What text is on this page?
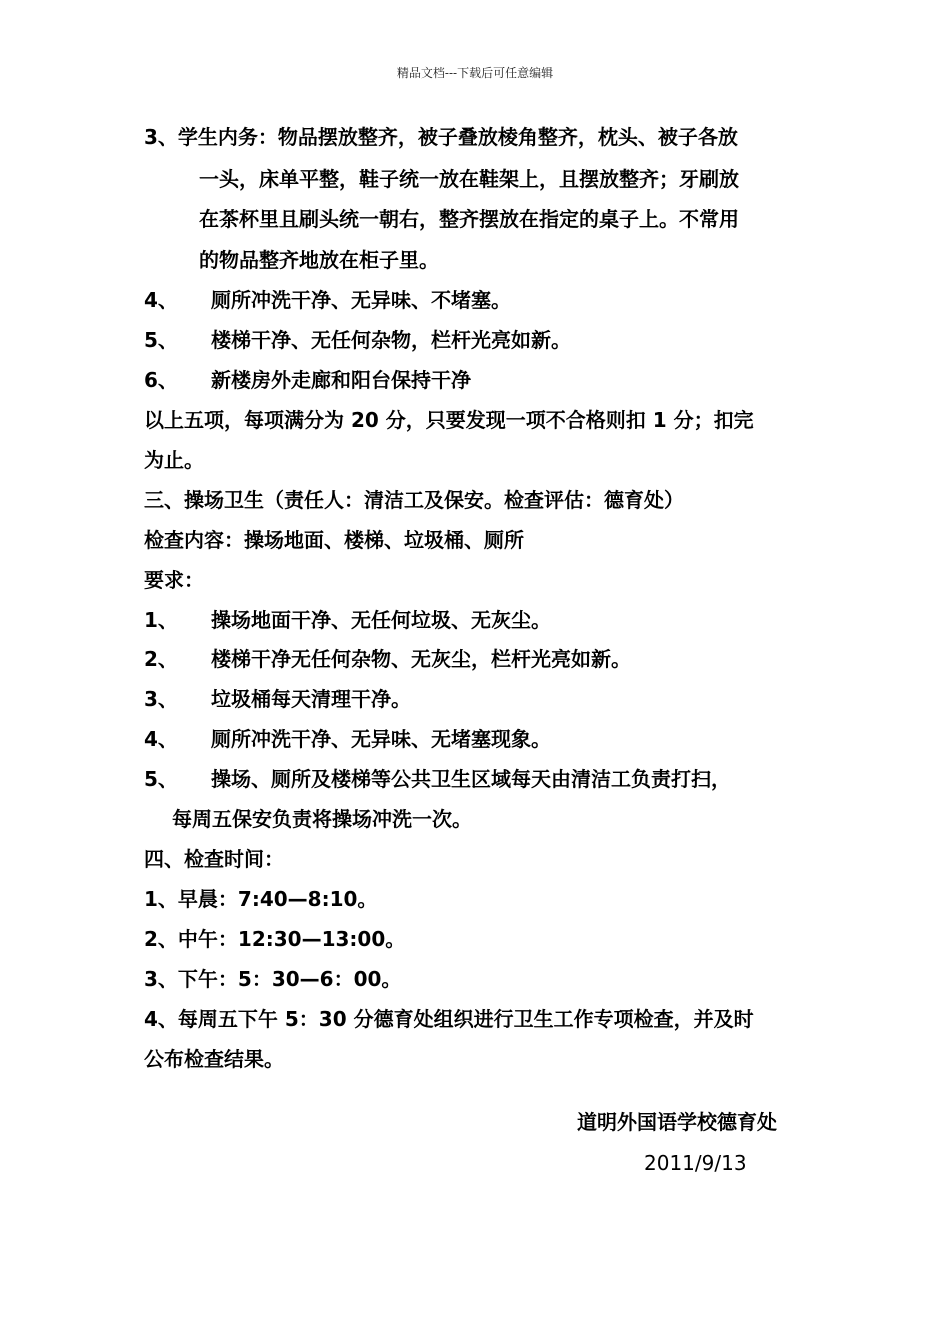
精品文档---下载后可任意编辑
3、学生内务：物品摆放整齐，被子叠放棱角整齐，枕头、被子各放
一头，床单平整，鞋子统一放在鞋架上，且摆放整齐；牙刷放
在茶杯里且刷头统一朝右，整齐摆放在指定的桌子上。不常用
的物品整齐地放在柜子里。
4、 厕所冲洗干净、无异味、不堵塞。
5、 楼梯干净、无任何杂物，栏杆光亮如新。
6、 新楼房外走廊和阳台保持干净
以上五项，每项满分为 20 分，只要发现一项不合格则扣 1 分；扣完
为止。
三、操场卫生（责任人：清洁工及保安。检查评估：德育处）
检查内容：操场地面、楼梯、垃圾桶、厕所
要求：
1、 操场地面干净、无任何垃圾、无灰尘。
2、 楼梯干净无任何杂物、无灰尘，栏杆光亮如新。
3、 垃圾桶每天清理干净。
4、 厕所冲洗干净、无异味、无堵塞现象。
5、 操场、厕所及楼梯等公共卫生区域每天由清洁工负责打扫，
每周五保安负责将操场冲洗一次。
四、检查时间：
1、早晨：7:40—8:10。
2、中午：12:30—13:00。
3、下午：5：30—6：00。
4、每周五下午 5：30 分德育处组织进行卫生工作专项检查，并及时
公布检查结果。
道明外国语学校德育处
2011/9/13
